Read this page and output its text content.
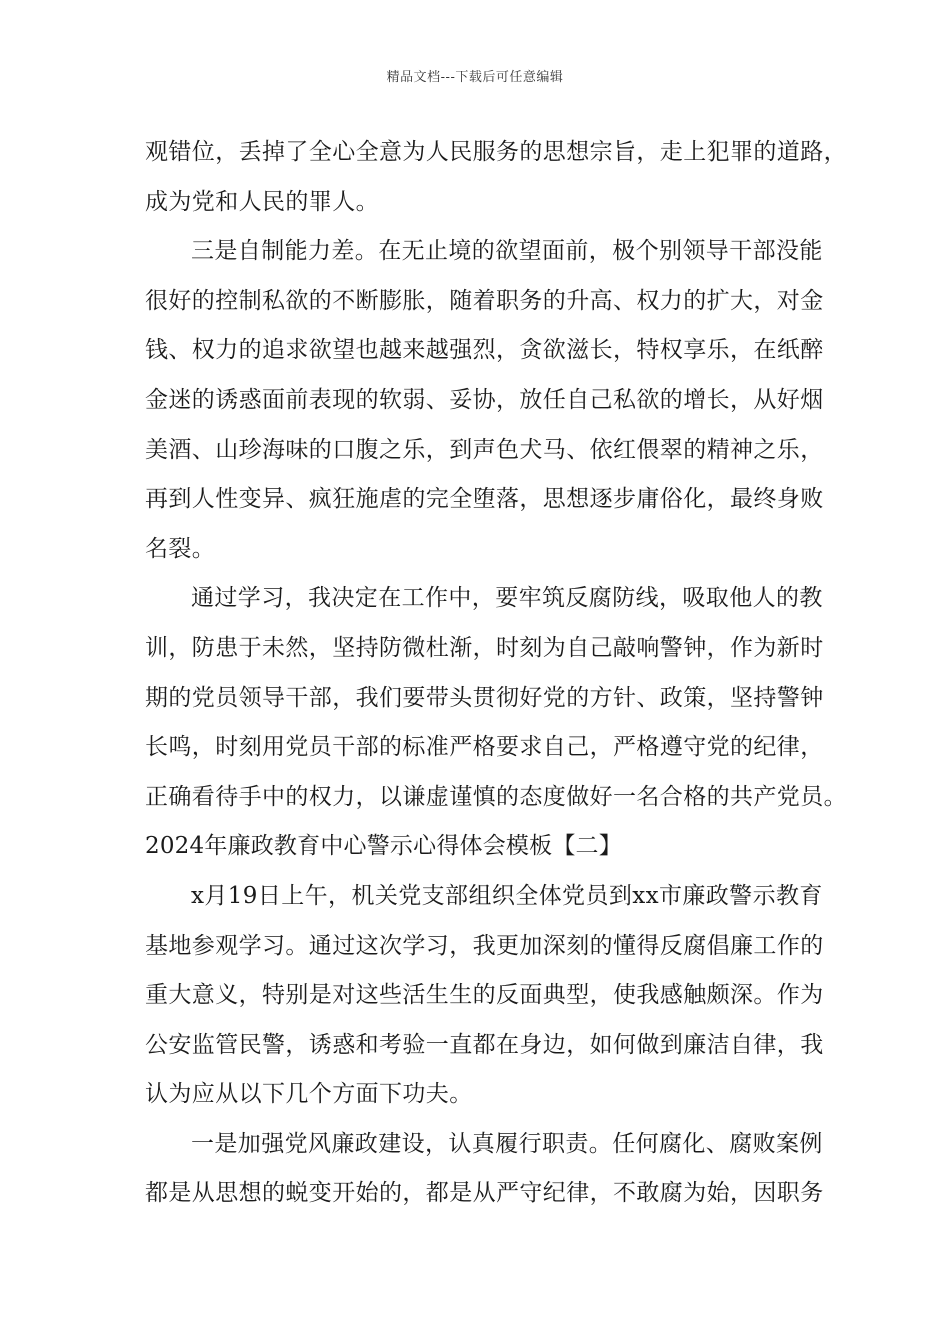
精品文档---下载后可任意编辑
观错位，丢掉了全心全意为人民服务的思想宗旨，走上犯罪的道路，
成为党和人民的罪人。
三是自制能力差。在无止境的欲望面前，极个别领导干部没能
很好的控制私欲的不断膨胀，随着职务的升高、权力的扩大，对金
钱、权力的追求欲望也越来越强烈，贪欲滋长，特权享乐，在纸醉
金迷的诱惑面前表现的软弱、妥协，放任自己私欲的增长，从好烟
美酒、山珍海味的口腹之乐，到声色犬马、依红偎翠的精神之乐，
再到人性变异、疯狂施虐的完全堕落，思想逐步庸俗化，最终身败
名裂。
通过学习，我决定在工作中，要牢筑反腐防线，吸取他人的教
训，防患于未然，坚持防微杜渐，时刻为自己敲响警钟，作为新时
期的党员领导干部，我们要带头贯彻好党的方针、政策，坚持警钟
长鸣，时刻用党员干部的标准严格要求自己，严格遵守党的纪律，
正确看待手中的权力，以谦虚谨慎的态度做好一名合格的共产党员。
2024年廉政教育中心警示心得体会模板【二】
x月19日上午，机关党支部组织全体党员到xx市廉政警示教育
基地参观学习。通过这次学习，我更加深刻的懂得反腐倡廉工作的
重大意义，特别是对这些活生生的反面典型，使我感触颇深。作为
公安监管民警，诱惑和考验一直都在身边，如何做到廉洁自律，我
认为应从以下几个方面下功夫。
一是加强党风廉政建设，认真履行职责。任何腐化、腐败案例
都是从思想的蜕变开始的，都是从严守纪律，不敢腐为始，因职务
